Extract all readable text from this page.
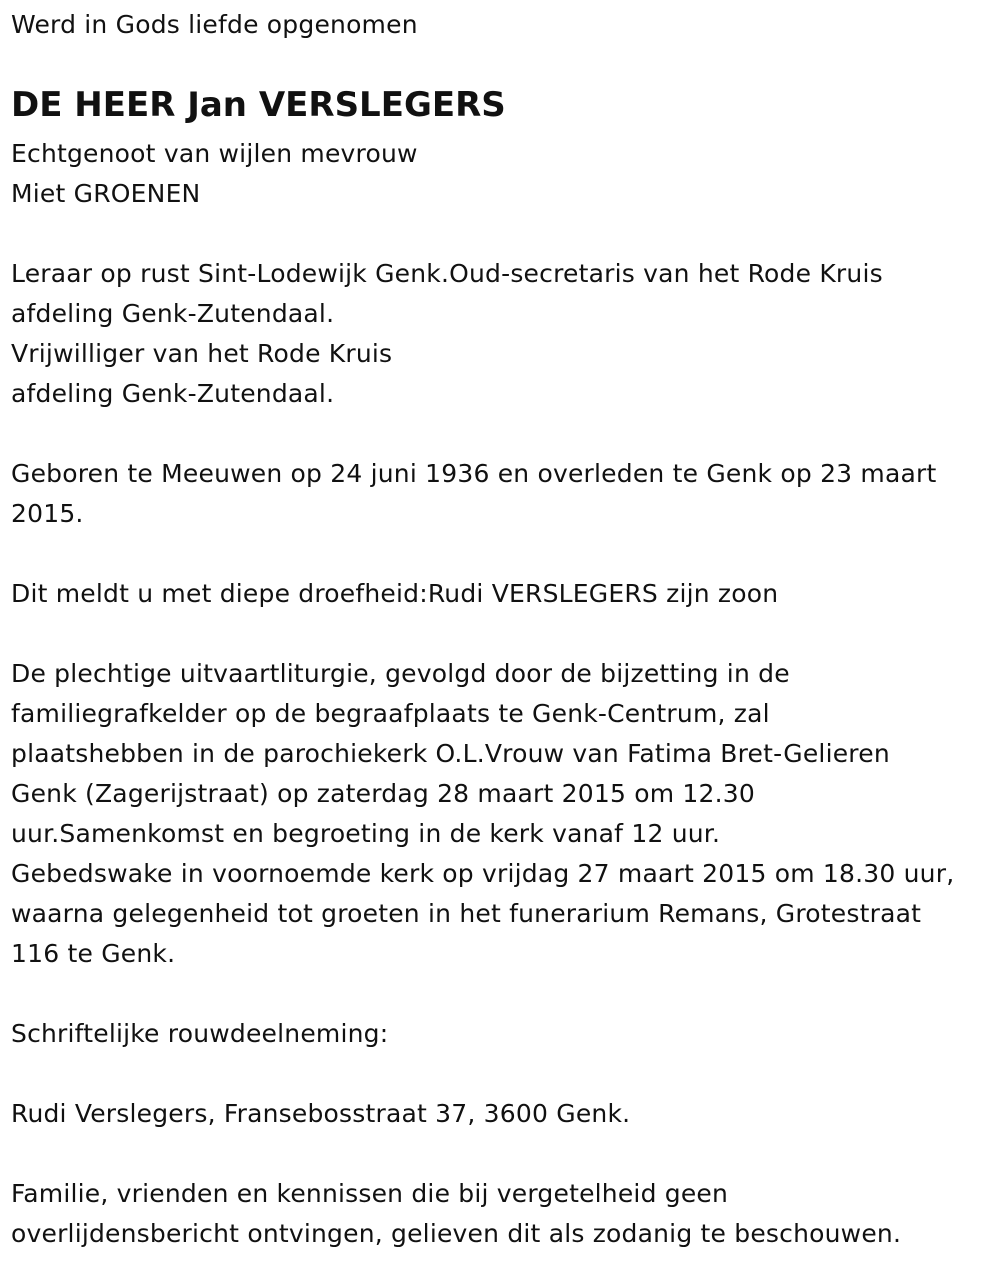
Werd in Gods liefde opgenomen
DE HEER Jan VERSLEGERS
Echtgenoot van wijlen mevrouw
Miet GROENEN
Leraar op rust Sint-Lodewijk Genk.Oud-secretaris van het Rode Kruis
afdeling Genk-Zutendaal.
Vrijwilliger van het Rode Kruis
afdeling Genk-Zutendaal.
Geboren te Meeuwen op 24 juni 1936 en overleden te Genk op 23 maart
2015.
Dit meldt u met diepe droefheid:Rudi VERSLEGERS zijn zoon
De plechtige uitvaartliturgie, gevolgd door de bijzetting in de
familiegrafkelder op de begraafplaats te Genk-Centrum, zal
plaatshebben in de parochiekerk O.L.Vrouw van Fatima Bret-Gelieren
Genk (Zagerijstraat) op zaterdag 28 maart 2015 om 12.30
uur.Samenkomst en begroeting in de kerk vanaf 12 uur.
Gebedswake in voornoemde kerk op vrijdag 27 maart 2015 om 18.30 uur,
waarna gelegenheid tot groeten in het funerarium Remans, Grotestraat
116 te Genk.
Schriftelijke rouwdeelneming:
Rudi Verslegers, Fransebosstraat 37, 3600 Genk.
Familie, vrienden en kennissen die bij vergetelheid geen
overlijdensbericht ontvingen, gelieven dit als zodanig te beschouwen.
